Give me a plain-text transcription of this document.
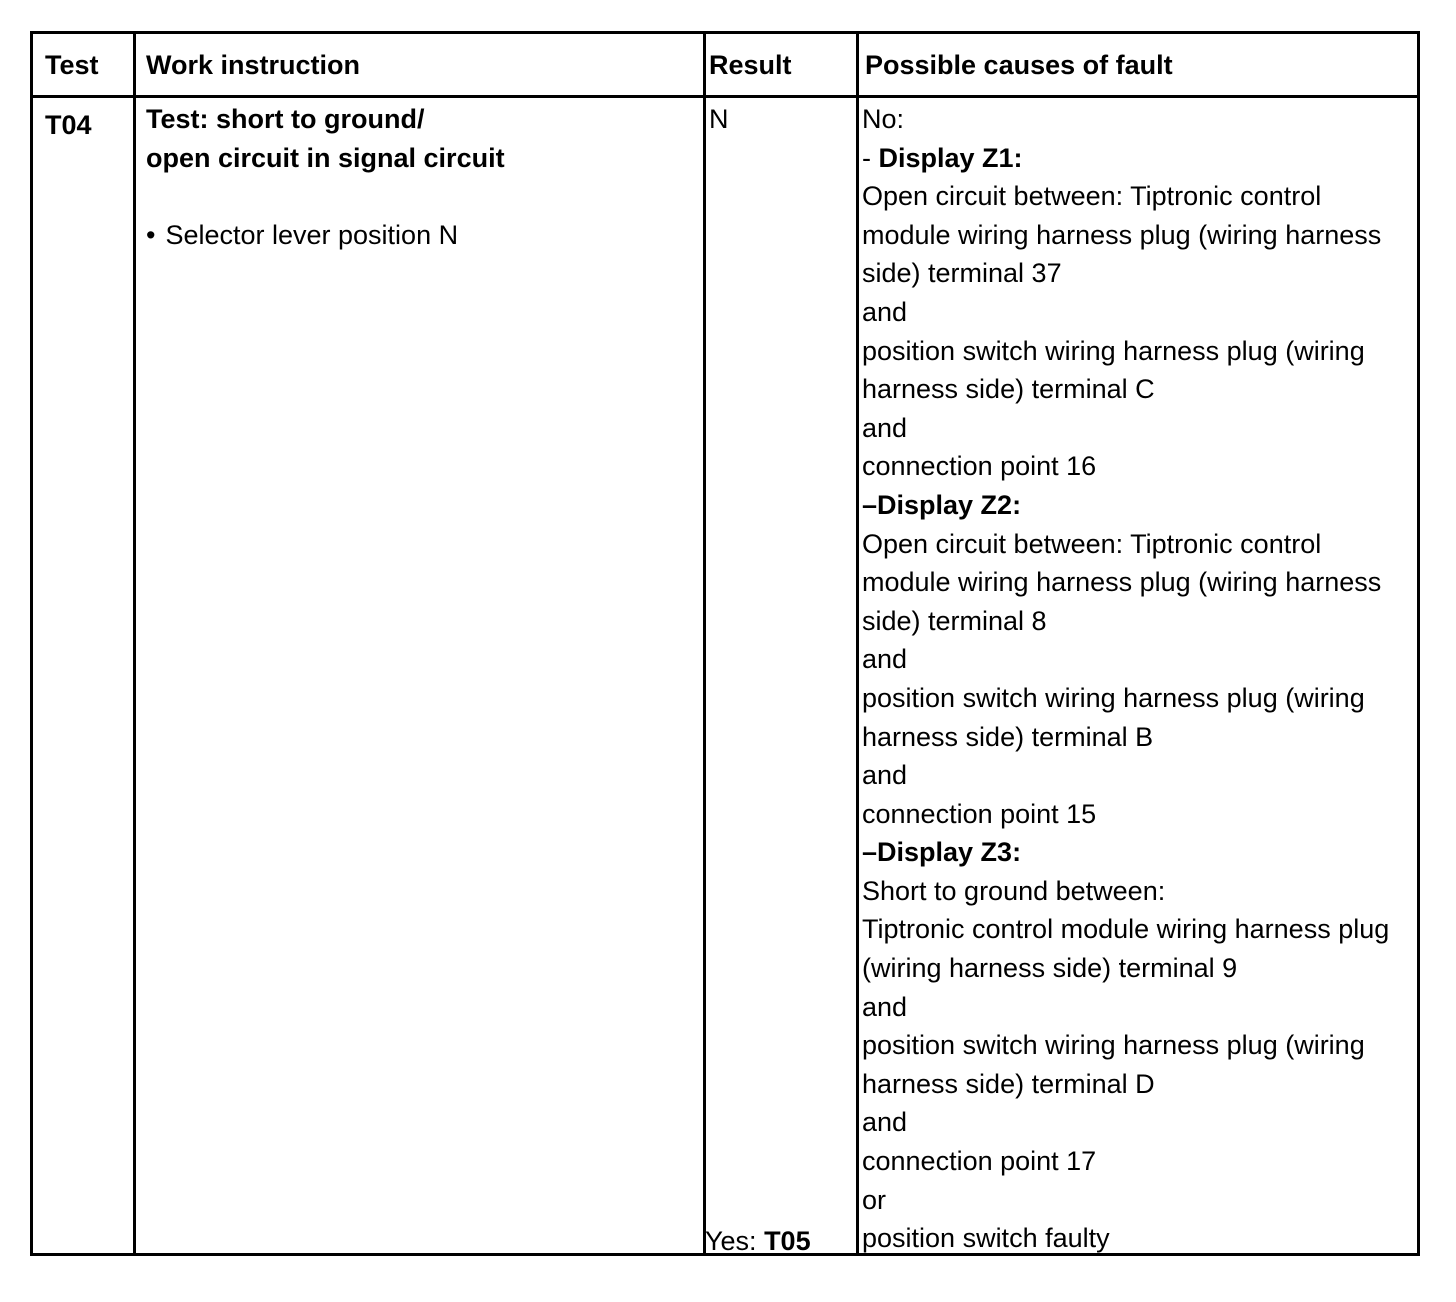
Test Work instruction	Result	Possible causes of fault
T04 Test: short to ground/
open circuit in signal circuit
• Selector lever position N
N
Yes: T05
No:
- Display Z1:
Open circuit between: Tiptronic control
module wiring harness plug (wiring harness
side) terminal 37
and
position switch wiring harness plug (wiring
harness side) terminal C
and
connection point 16
–Display Z2:
Open circuit between: Tiptronic control
module wiring harness plug (wiring harness
side) terminal 8
and
position switch wiring harness plug (wiring
harness side) terminal B
and
connection point 15
–Display Z3:
Short to ground between:
Tiptronic control module wiring harness plug
(wiring harness side) terminal 9
and
position switch wiring harness plug (wiring
harness side) terminal D
and
connection point 17
or
position switch faulty
